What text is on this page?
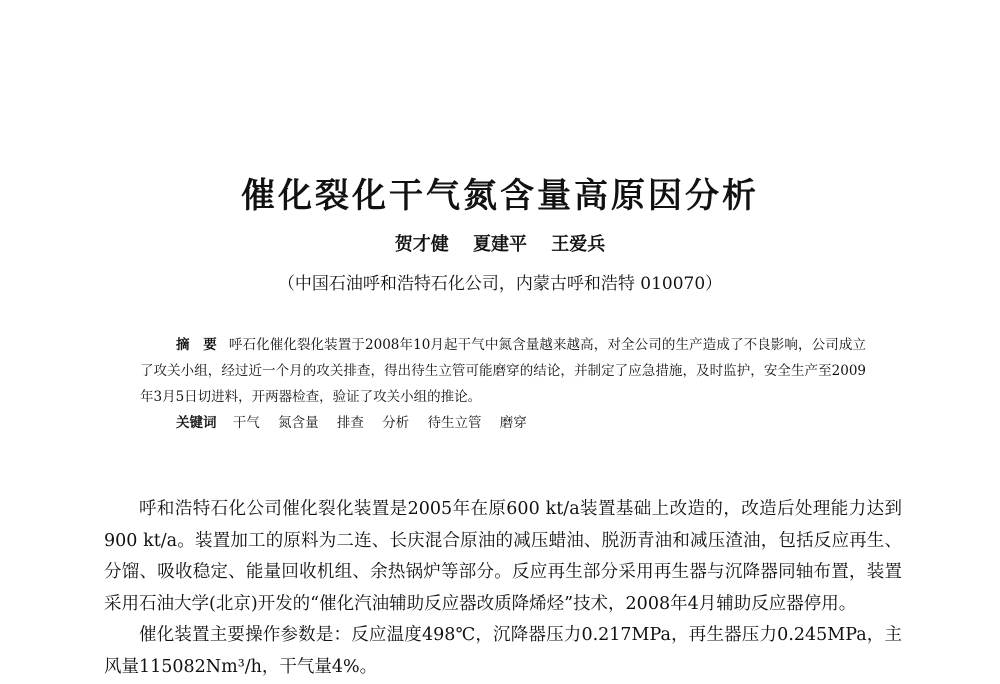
催化裂化干气氮含量高原因分析
贺才健 夏建平 王爱兵
（中国石油呼和浩特石化公司，内蒙古呼和浩特 010070）

摘　要 呼石化催化裂化装置于2008年10月起干气中氮含量越来越高，对全公司的生产造成了不良影响，公司成立了攻关小组，经过近一个月的攻关排查，得出待生立管可能磨穿的结论，并制定了应急措施，及时监护，安全生产至2009年3月5日切进料，开两器检查，验证了攻关小组的推论。

关键词 干气 氮含量 排查 分析 待生立管 磨穿

呼和浩特石化公司催化裂化装置是2005年在原600 kt/a装置基础上改造的，改造后处理能力达到900 kt/a。装置加工的原料为二连、长庆混合原油的减压蜡油、脱沥青油和减压渣油，包括反应再生、分馏、吸收稳定、能量回收机组、余热锅炉等部分。反应再生部分采用再生器与沉降器同轴布置，装置采用石油大学(北京)开发的“催化汽油辅助反应器改质降烯烃”技术，2008年4月辅助反应器停用。

催化装置主要操作参数是：反应温度498℃，沉降器压力0.217MPa，再生器压力0.245MPa，主风量115082Nm³/h，干气量4%。
